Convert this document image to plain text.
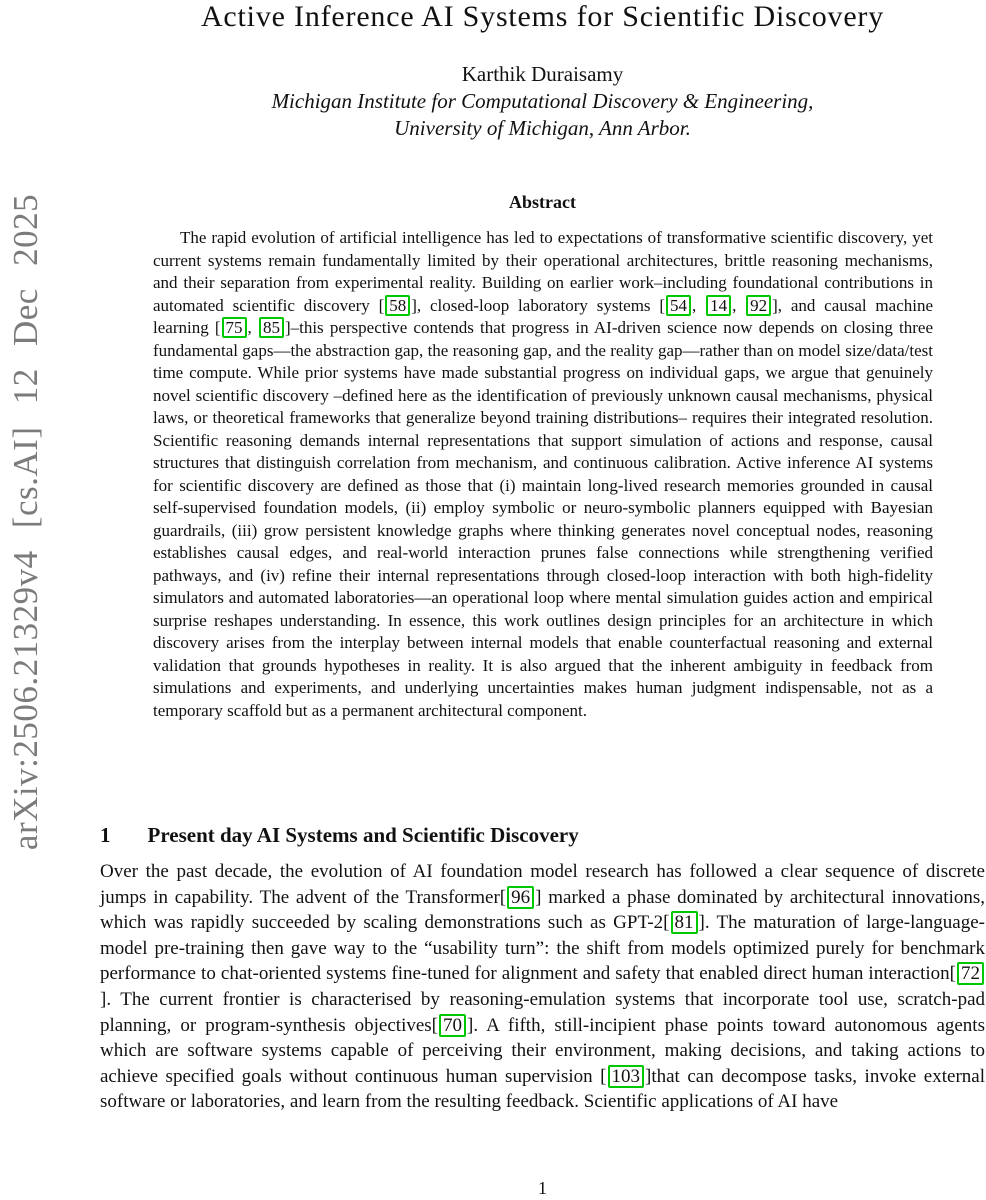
arXiv:2506.21329v4 [cs.AI] 12 Dec 2025
Active Inference AI Systems for Scientific Discovery
Karthik Duraisamy
Michigan Institute for Computational Discovery & Engineering,
University of Michigan, Ann Arbor.
Abstract

The rapid evolution of artificial intelligence has led to expectations of transformative scientific discovery, yet current systems remain fundamentally limited by their operational architectures, brittle reasoning mechanisms, and their separation from experimental reality. Building on earlier work–including foundational contributions in automated scientific discovery [ 58 ], closed-loop laboratory systems [ 54 , 14 , 92 ], and causal machine learning [ 75 , 85 ]–this perspective contends that progress in AI-driven science now depends on closing three fundamental gaps—the abstraction gap, the reasoning gap, and the reality gap—rather than on model size/data/test time compute. While prior systems have made substantial progress on individual gaps, we argue that genuinely novel scientific discovery –defined here as the identification of previously unknown causal mechanisms, physical laws, or theoretical frameworks that generalize beyond training distributions– requires their integrated resolution. Scientific reasoning demands internal representations that support simulation of actions and response, causal structures that distinguish correlation from mechanism, and continuous calibration. Active inference AI systems for scientific discovery are defined as those that (i) maintain long-lived research memories grounded in causal self-supervised foundation models, (ii) employ symbolic or neuro-symbolic planners equipped with Bayesian guardrails, (iii) grow persistent knowledge graphs where thinking generates novel conceptual nodes, reasoning establishes causal edges, and real-world interaction prunes false connections while strengthening verified pathways, and (iv) refine their internal representations through closed-loop interaction with both high-fidelity simulators and automated laboratories—an operational loop where mental simulation guides action and empirical surprise reshapes understanding. In essence, this work outlines design principles for an architecture in which discovery arises from the interplay between internal models that enable counterfactual reasoning and external validation that grounds hypotheses in reality. It is also argued that the inherent ambiguity in feedback from simulations and experiments, and underlying uncertainties makes human judgment indispensable, not as a temporary scaffold but as a permanent architectural component.

1 Present day AI Systems and Scientific Discovery

Over the past decade, the evolution of AI foundation model research has followed a clear sequence of discrete jumps in capability. The advent of the Transformer[ 96 ] marked a phase dominated by architectural innovations, which was rapidly succeeded by scaling demonstrations such as GPT-2[ 81 ]. The maturation of large-language-model pre-training then gave way to the “usability turn”: the shift from models optimized purely for benchmark performance to chat-oriented systems fine-tuned for alignment and safety that enabled direct human interaction[ 72]. The current frontier is characterised by reasoning-emulation systems that incorporate tool use, scratch-pad planning, or program-synthesis objectives[ 70 ]. A fifth, still-incipient phase points toward autonomous agents which are software systems capable of perceiving their environment, making decisions, and taking actions to achieve specified goals without continuous human supervision [ 103 ]that can decompose tasks, invoke external software or laboratories, and learn from the resulting feedback. Scientific applications of AI have

1
